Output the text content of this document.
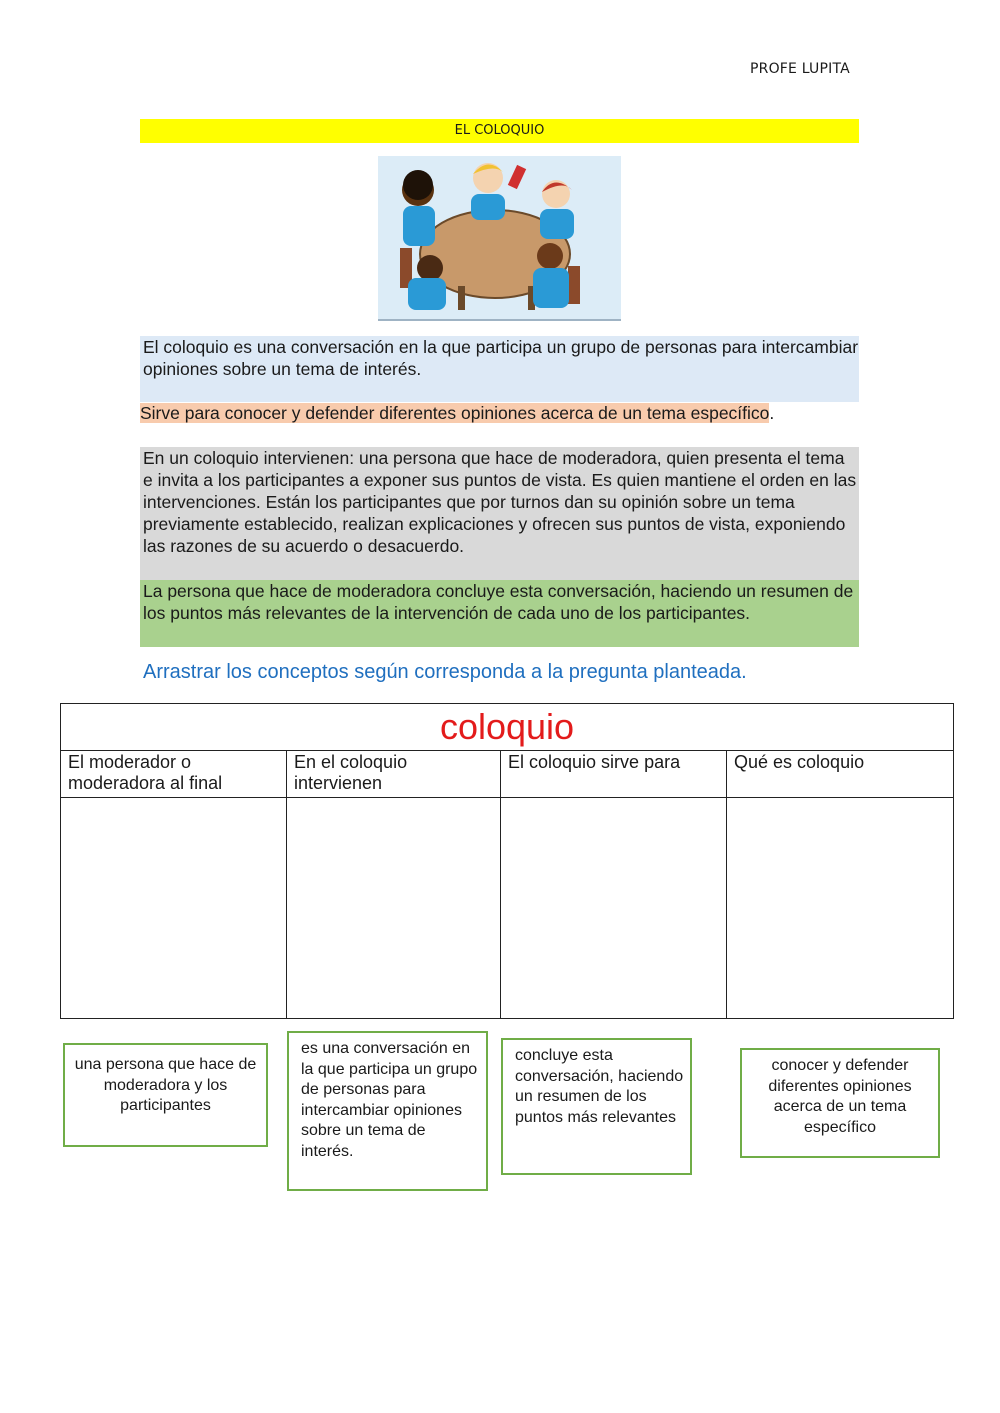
PROFE LUPITA
EL COLOQUIO
El coloquio es una conversación en la que participa un grupo de personas para intercambiar opiniones sobre un tema de interés.
Sirve para conocer y defender diferentes opiniones acerca de un tema específico.
En un coloquio intervienen: una persona que hace de moderadora, quien presenta el tema e invita a los participantes a exponer sus puntos de vista. Es quien mantiene el orden en las intervenciones. Están los participantes que por turnos dan su opinión sobre un tema previamente establecido, realizan explicaciones y ofrecen sus puntos de vista, exponiendo las razones de su acuerdo o desacuerdo.
La persona que hace de moderadora concluye esta conversación, haciendo un resumen de los puntos más relevantes de la intervención de cada uno de los participantes.
Arrastrar los conceptos según corresponda a la pregunta planteada.
coloquio			
El moderador o moderadora al final	En el coloquio intervienen	El coloquio sirve para	Qué es coloquio

una persona que hace de moderadora y los participantes
es una conversación en la que participa un grupo de personas para intercambiar opiniones sobre un tema de interés.
concluye esta conversación, haciendo un resumen de los puntos más relevantes
conocer y defender diferentes opiniones acerca de un tema específico
